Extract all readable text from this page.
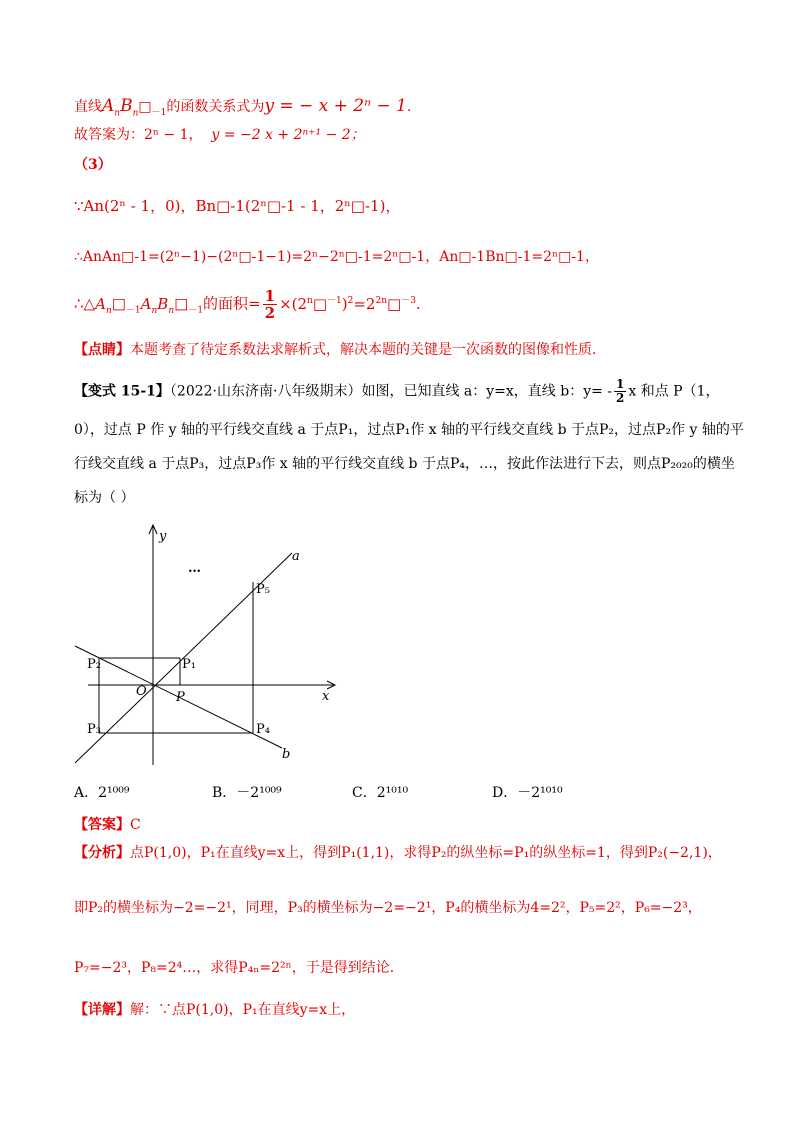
直线$A_nB_n□_{-1}$的函数关系式为y = − x + 2ⁿ − 1.
故答案为：2ⁿ − 1， y = −2 x + 2ⁿ⁺¹ − 2；
（3）
∵An(2ⁿ - 1，0)，Bn□-1(2ⁿ□-1 - 1，2ⁿ□-1)，
∴AnAn□-1=(2ⁿ−1)−(2ⁿ□-1−1)=2ⁿ−2ⁿ□-1=2ⁿ□-1，An□-1Bn□-1=2ⁿ□-1，
$\therefore\triangle A_n□_{-1}A_nB_n□_{-1}$的面积= $\frac{1}{2}$ $\times(2^n□^{-1})^2=2^{2n}□^{-3}$.
【点睛】本题考查了待定系数法求解析式，解决本题的关键是一次函数的图像和性质．
【变式 15-1】（2022·山东济南·八年级期末）如图，已知直线 a：y=x，直线 b：$y= - \frac{1}{2}$ x 和点 P（1，
0），过点 P 作 y 轴的平行线交直线 a 于点P₁，过点P₁作 x 轴的平行线交直线 b 于点P₂，过点P₂作 y 轴的平
行线交直线 a 于点P₃，过点P₃作 x 轴的平行线交直线 b 于点P₄，…，按此作法进行下去，则点P₂₀₂₀的横坐
标为（ ）
y
x
a
b
O P
P₁
P₂
P₃	P₄
P₅
…
A．2¹⁰⁰⁹	B．－2¹⁰⁰⁹	C．2¹⁰¹⁰	D．－2¹⁰¹⁰
【答案】C
【分析】点P(1,0)，P₁在直线y=x上，得到P₁(1,1)，求得P₂的纵坐标=P₁的纵坐标=1，得到P₂(−2,1)，
即P₂的横坐标为−2=−2¹，同理，P₃的横坐标为−2=−2¹，P₄的横坐标为4=2²，P₅=2²，P₆=−2³，
P₇=−2³，P₈=2⁴…，求得P₄ₙ=2²ⁿ，于是得到结论．
【详解】解：∵点P(1,0)，P₁在直线y=x上，
